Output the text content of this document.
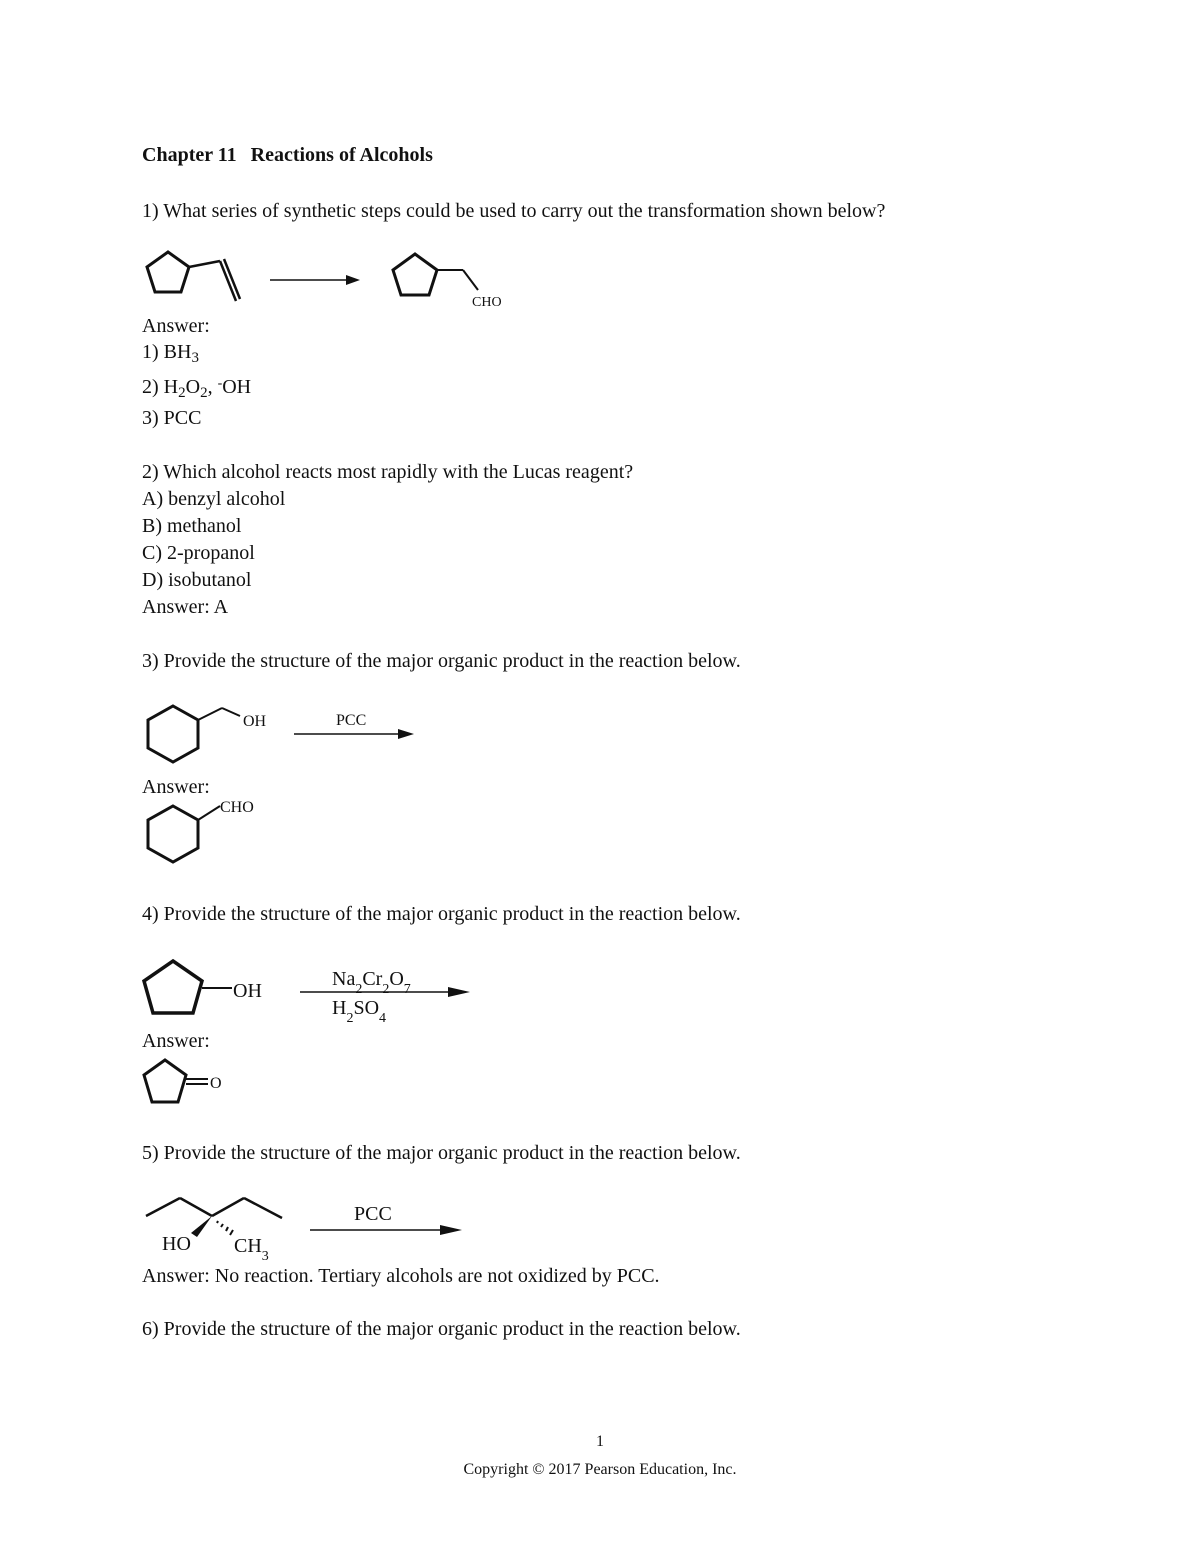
Chapter 11 Reactions of Alcohols
1) What series of synthetic steps could be used to carry out the transformation shown below?
CHO
Answer:
1) $BH_3$
2) $H_2O_2$, -OH
3) PCC
2) Which alcohol reacts most rapidly with the Lucas reagent?
A) benzyl alcohol
B) methanol
C) 2-propanol
D) isobutanol
Answer: A
3) Provide the structure of the major organic product in the reaction below.
OH	PCC
Answer:
CHO
4) Provide the structure of the major organic product in the reaction below.
OH
$Na_2Cr_2O_7$
$H_2SO_4$
Answer:
O
5) Provide the structure of the major organic product in the reaction below.
HO $CH_3$
PCC
Answer: No reaction. Tertiary alcohols are not oxidized by PCC.
6) Provide the structure of the major organic product in the reaction below.
1
Copyright © 2017 Pearson Education, Inc.
